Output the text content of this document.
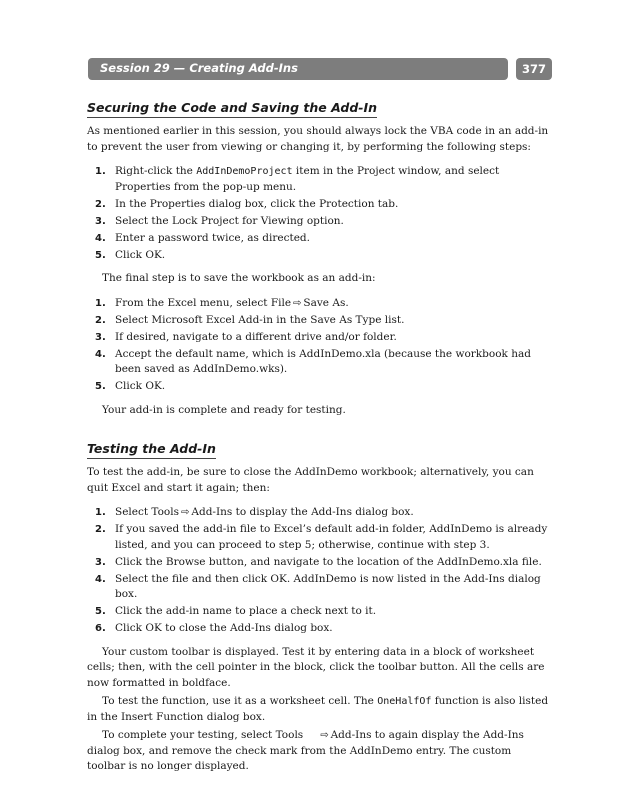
Session 29 — Creating Add-Ins	377
Securing the Code and Saving the Add-In

As mentioned earlier in this session, you should always lock the VBA code in an add-in to prevent the user from viewing or changing it, by performing the following steps:

1. Right-click the AddInDemoProject item in the Project window, and select Properties from the pop-up menu.
2. In the Properties dialog box, click the Protection tab.
3. Select the Lock Project for Viewing option.
4. Enter a password twice, as directed.
5. Click OK.

The final step is to save the workbook as an add-in:

1. From the Excel menu, select File ⇨ Save As.
2. Select Microsoft Excel Add-in in the Save As Type list.
3. If desired, navigate to a different drive and/or folder.
4. Accept the default name, which is AddInDemo.xla (because the workbook had been saved as AddInDemo.wks).
5. Click OK.

Your add-in is complete and ready for testing.

Testing the Add-In

To test the add-in, be sure to close the AddInDemo workbook; alternatively, you can quit Excel and start it again; then:

1. Select Tools ⇨ Add-Ins to display the Add-Ins dialog box.
2. If you saved the add-in file to Excel’s default add-in folder, AddInDemo is already listed, and you can proceed to step 5; otherwise, continue with step 3.
3. Click the Browse button, and navigate to the location of the AddInDemo.xla file.
4. Select the file and then click OK. AddInDemo is now listed in the Add-Ins dialog box.
5. Click the add-in name to place a check next to it.
6. Click OK to close the Add-Ins dialog box.

Your custom toolbar is displayed. Test it by entering data in a block of worksheet cells; then, with the cell pointer in the block, click the toolbar button. All the cells are now formatted in boldface.

To test the function, use it as a worksheet cell. The OneHalfOf function is also listed in the Insert Function dialog box.

To complete your testing, select Tools ⇨ Add-Ins to again display the Add-Ins dialog box, and remove the check mark from the AddInDemo entry. The custom toolbar is no longer displayed.
